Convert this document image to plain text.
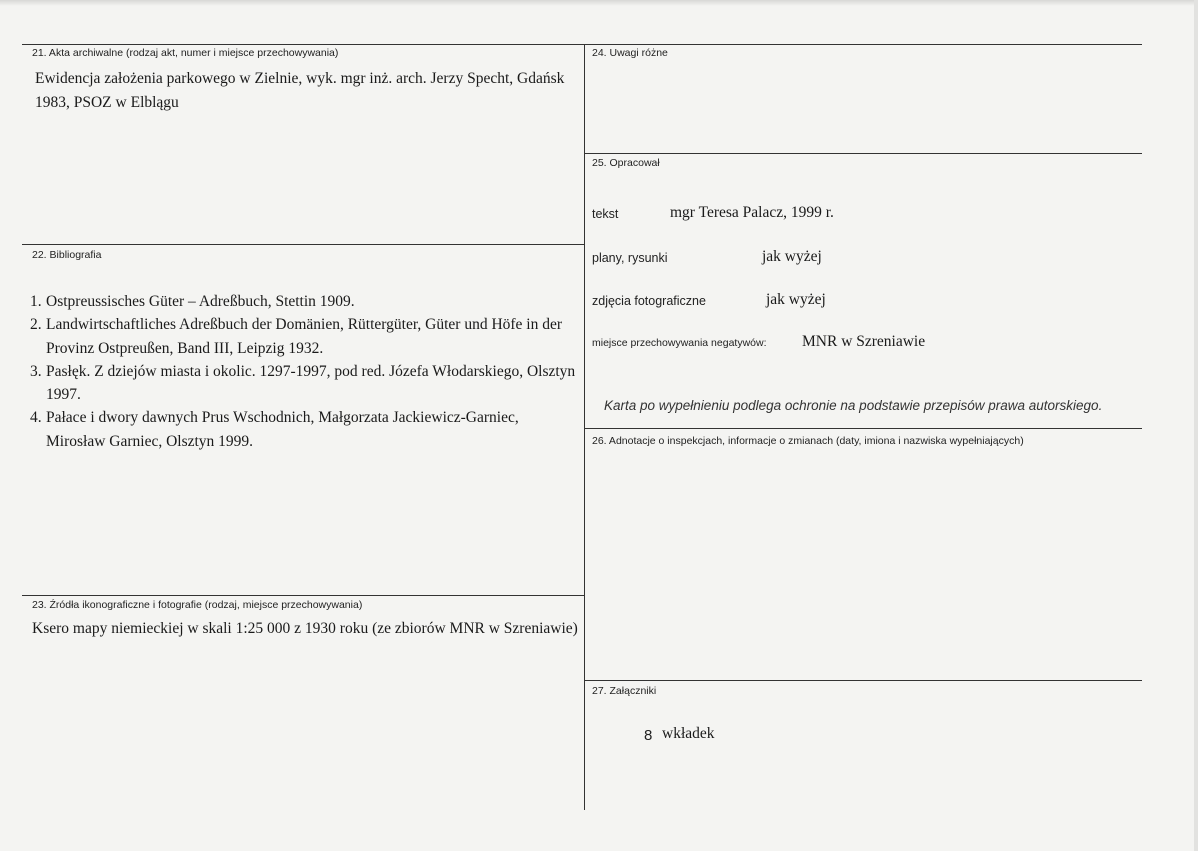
21. Akta archiwalne (rodzaj akt, numer i miejsce przechowywania)
Ewidencja założenia parkowego w Zielnie, wyk. mgr inż. arch. Jerzy Specht, Gdańsk
1983, PSOZ w Elblągu
22. Bibliografia
1. Ostpreussisches Güter – Adreßbuch, Stettin 1909.
2. Landwirtschaftliches Adreßbuch der Domänien, Rüttergüter, Güter und Höfe in der
Provinz Ostpreußen, Band III, Leipzig 1932.
3. Pasłęk. Z dziejów miasta i okolic. 1297-1997, pod red. Józefa Włodarskiego, Olsztyn
1997.
4. Pałace i dwory dawnych Prus Wschodnich, Małgorzata Jackiewicz-Garniec,
Mirosław Garniec, Olsztyn 1999.
23. Źródła ikonograficzne i fotografie (rodzaj, miejsce przechowywania)
Ksero mapy niemieckiej w skali 1:25 000 z 1930 roku (ze zbiorów MNR w Szreniawie)
24. Uwagi różne
25. Opracował
tekst	mgr Teresa Palacz, 1999 r.
plany, rysunki	jak wyżej
zdjęcia fotograficzne	jak wyżej
miejsce przechowywania negatywów: MNR w Szreniawie
Karta po wypełnieniu podlega ochronie na podstawie przepisów prawa autorskiego.
26. Adnotacje o inspekcjach, informacje o zmianach (daty, imiona i nazwiska wypełniających)
27. Załączniki
8 wkładek
